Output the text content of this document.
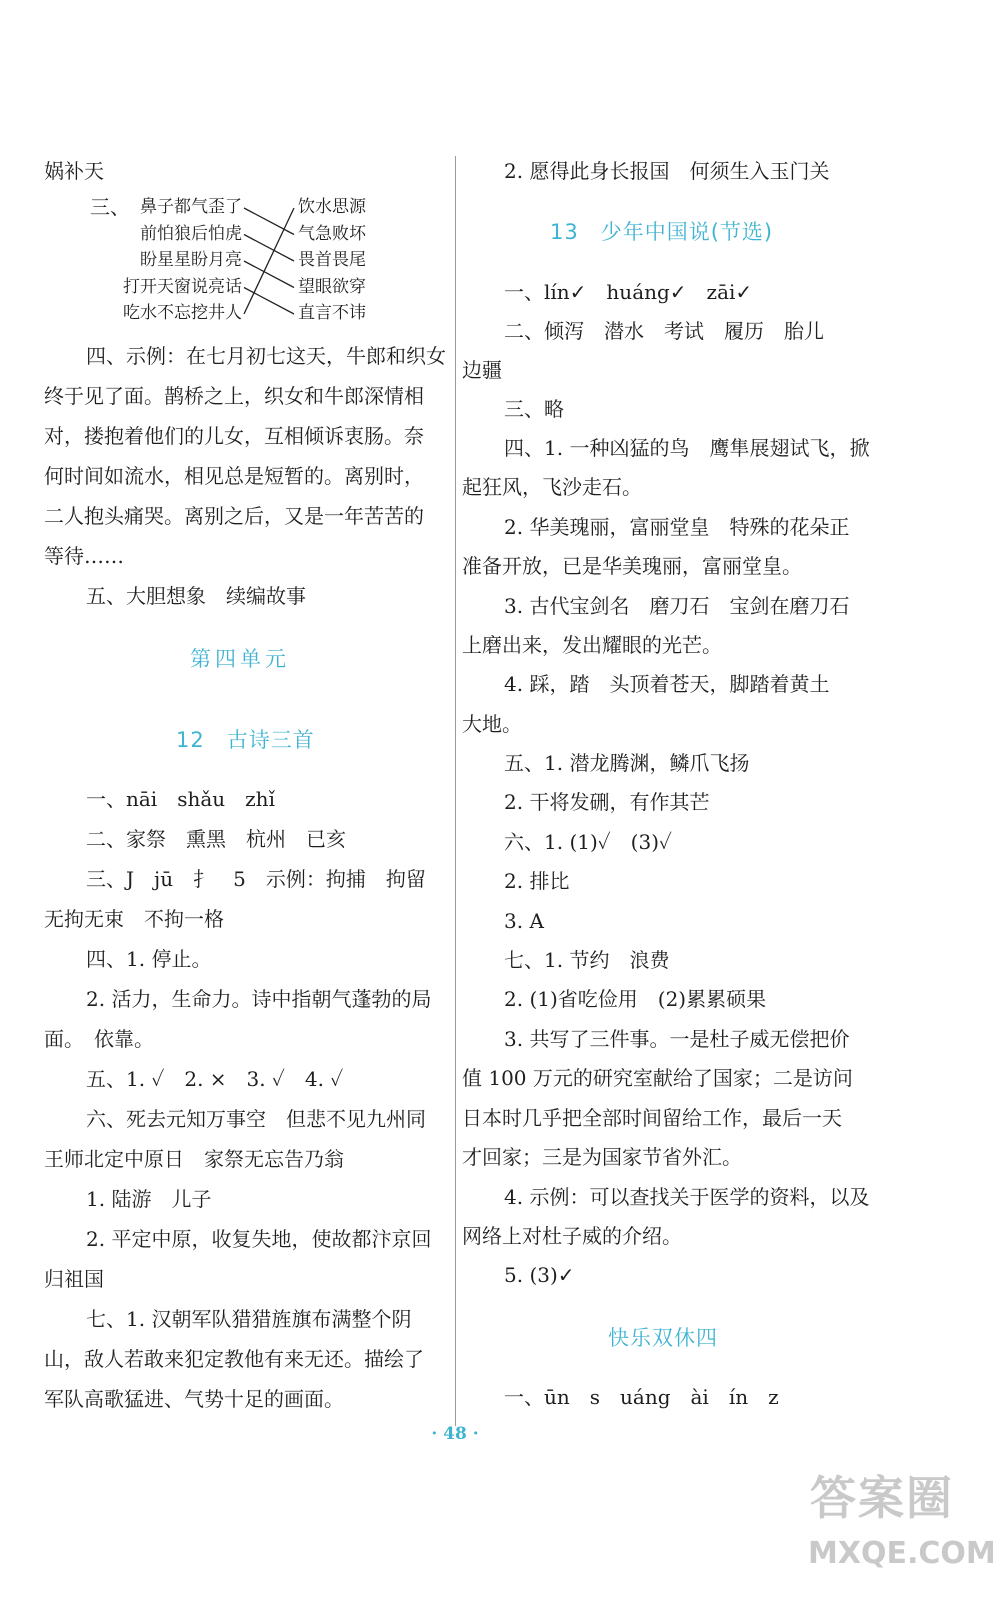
娲补天
三、 鼻子都气歪了
前怕狼后怕虎
盼星星盼月亮
打开天窗说亮话
吃水不忘挖井人
饮水思源
气急败坏
畏首畏尾
望眼欲穿
直言不讳
四、示例：在七月初七这天，牛郎和织女
终于见了面。鹊桥之上，织女和牛郎深情相
对，搂抱着他们的儿女，互相倾诉衷肠。奈
何时间如流水，相见总是短暂的。离别时，
二人抱头痛哭。离别之后，又是一年苦苦的
等待……
五、大胆想象　续编故事
第四单元
12　古诗三首
一、nāi　shǎu　zhǐ
二、家祭　熏黑　杭州　已亥
三、J　jū　扌　5　示例：拘捕　拘留
无拘无束　不拘一格
四、1. 停止。
2. 活力，生命力。诗中指朝气蓬勃的局
面。　依靠。
五、1. ✓　2. ×　3. ✓　4. ✓
六、死去元知万事空　但悲不见九州同
王师北定中原日　家祭无忘告乃翁
1. 陆游　儿子
2. 平定中原，收复失地，使故都汴京回
归祖国
七、1. 汉朝军队猎猎旌旗布满整个阴
山，敌人若敢来犯定教他有来无还。描绘了
军队高歌猛进、气势十足的画面。
2. 愿得此身长报国　何须生入玉门关
13　少年中国说(节选)
一、lín✓　huáng✓　zāi✓
二、倾泻　潜水　考试　履历　胎儿
边疆
三、略
四、1. 一种凶猛的鸟　鹰隼展翅试飞，掀
起狂风，飞沙走石。
2. 华美瑰丽，富丽堂皇　特殊的花朵正
准备开放，已是华美瑰丽，富丽堂皇。
3. 古代宝剑名　磨刀石　宝剑在磨刀石
上磨出来，发出耀眼的光芒。
4. 踩，踏　头顶着苍天，脚踏着黄土
大地。
五、1. 潜龙腾渊，鳞爪飞扬
2. 干将发硎，有作其芒
六、1. (1)✓　(3)✓
2. 排比
3. A
七、1. 节约　浪费
2. (1)省吃俭用　(2)累累硕果
3. 共写了三件事。一是杜子威无偿把价
值 100 万元的研究室献给了国家；二是访问
日本时几乎把全部时间留给工作，最后一天
才回家；三是为国家节省外汇。
4. 示例：可以查找关于医学的资料，以及
网络上对杜子威的介绍。
5. (3)✓
快乐双休四
一、ūn　s　uáng　ài　ín　z
· 48 ·
答案圈
MXQE.COM
